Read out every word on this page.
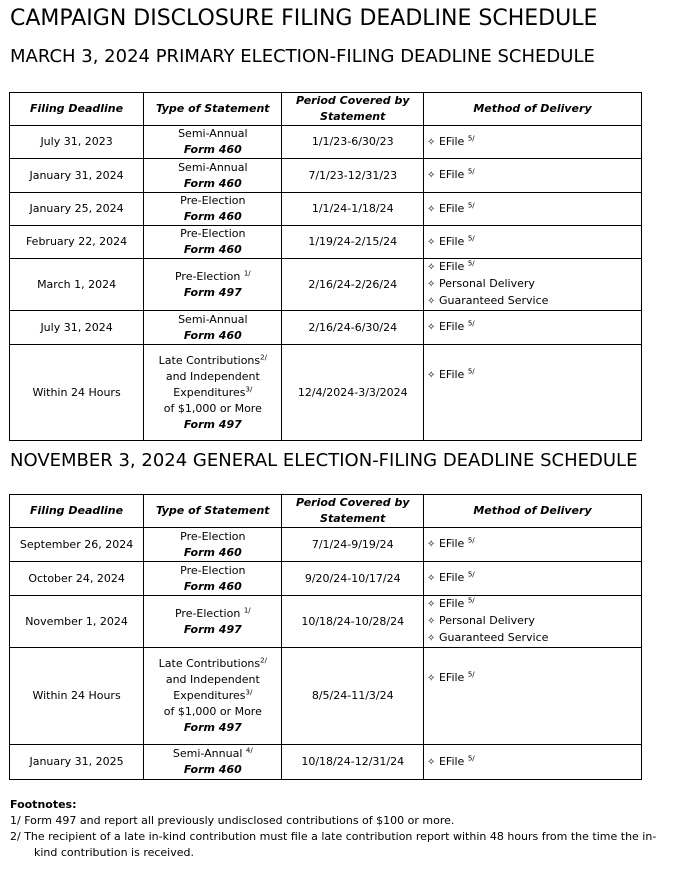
CAMPAIGN DISCLOSURE FILING DEADLINE SCHEDULE
MARCH 3, 2024 PRIMARY ELECTION-FILING DEADLINE SCHEDULE
Filing Deadline	Type of Statement	Period Covered by Statement	Method of Delivery
July 31, 2023	Semi-Annual
Form 460	1/1/23-6/30/23	✧ EFile $^{5/}$

January 31, 2024	Semi-Annual
Form 460	7/1/23-12/31/23	✧ EFile $^{5/}$

January 25, 2024	Pre-Election
Form 460	1/1/24-1/18/24	✧ EFile $^{5/}$

February 22, 2024	Pre-Election
Form 460	1/19/24-2/15/24	✧ EFile $^{5/}$

March 1, 2024	Pre-Election $^{1/}$
Form 497	2/16/24-2/26/24	✧ EFile $^{5/}$
✧ Personal Delivery
✧ Guaranteed Service

July 31, 2024	Semi-Annual
Form 460	2/16/24-6/30/24	✧ EFile $^{5/}$

Within 24 Hours	Late Contributions$^{2/}$
and Independent
Expenditures$^{3/}$
of $1,000 or More
Form 497	12/4/2024-3/3/2024	✧ EFile $^{5/}$
NOVEMBER 3, 2024 GENERAL ELECTION-FILING DEADLINE SCHEDULE
Filing Deadline	Type of Statement	Period Covered by Statement	Method of Delivery
September 26, 2024	Pre-Election
Form 460	7/1/24-9/19/24	✧ EFile $^{5/}$

October 24, 2024	Pre-Election
Form 460	9/20/24-10/17/24	✧ EFile $^{5/}$

November 1, 2024	Pre-Election $^{1/}$
Form 497	10/18/24-10/28/24	✧ EFile $^{5/}$
✧ Personal Delivery
✧ Guaranteed Service

Within 24 Hours	Late Contributions$^{2/}$
and Independent
Expenditures$^{3/}$
of $1,000 or More
Form 497	8/5/24-11/3/24	✧ EFile $^{5/}$

January 31, 2025	Semi-Annual $^{4/}$
Form 460	10/18/24-12/31/24	✧ EFile $^{5/}$
Footnotes:
1/ Form 497 and report all previously undisclosed contributions of $100 or more.
2/ The recipient of a late in-kind contribution must file a late contribution report within 48 hours from the time the in-
kind contribution is received.
